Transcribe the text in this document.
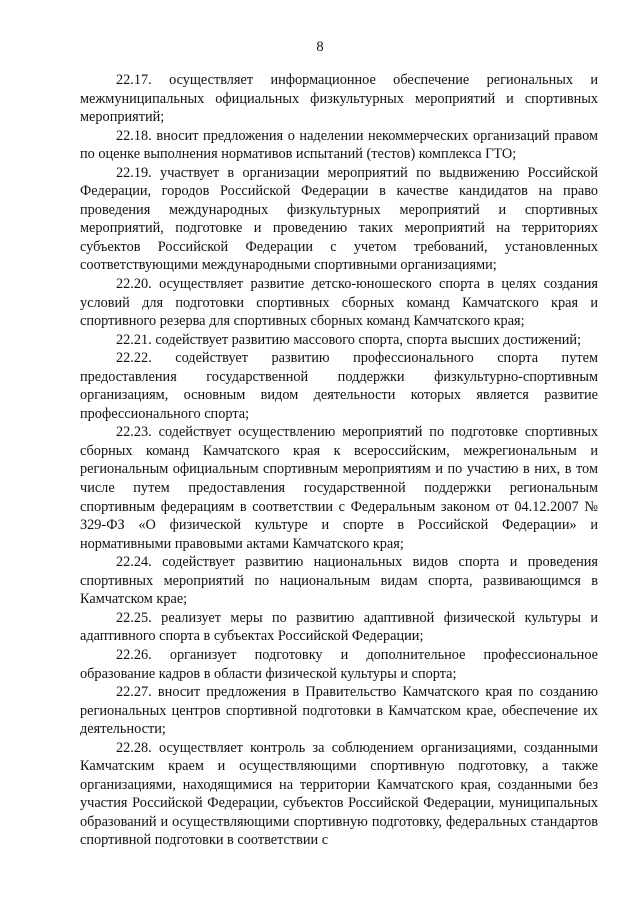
8

22.17. осуществляет информационное обеспечение региональных и межмуниципальных официальных физкультурных мероприятий и спортивных мероприятий;

22.18. вносит предложения о наделении некоммерческих организаций правом по оценке выполнения нормативов испытаний (тестов) комплекса ГТО;

22.19. участвует в организации мероприятий по выдвижению Российской Федерации, городов Российской Федерации в качестве кандидатов на право проведения международных физкультурных мероприятий и спортивных мероприятий, подготовке и проведению таких мероприятий на территориях субъектов Российской Федерации с учетом требований, установленных соответствующими международными спортивными организациями;

22.20. осуществляет развитие детско-юношеского спорта в целях создания условий для подготовки спортивных сборных команд Камчатского края и спортивного резерва для спортивных сборных команд Камчатского края;

22.21. содействует развитию массового спорта, спорта высших достижений;

22.22. содействует развитию профессионального спорта путем предоставления государственной поддержки физкультурно-спортивным организациям, основным видом деятельности которых является развитие профессионального спорта;

22.23. содействует осуществлению мероприятий по подготовке спортивных сборных команд Камчатского края к всероссийским, межрегиональным и региональным официальным спортивным мероприятиям и по участию в них, в том числе путем предоставления государственной поддержки региональным спортивным федерациям в соответствии с Федеральным законом от 04.12.2007 № 329-ФЗ «О физической культуре и спорте в Российской Федерации» и нормативными правовыми актами Камчатского края;

22.24. содействует развитию национальных видов спорта и проведения спортивных мероприятий по национальным видам спорта, развивающимся в Камчатском крае;

22.25. реализует меры по развитию адаптивной физической культуры и адаптивного спорта в субъектах Российской Федерации;

22.26. организует подготовку и дополнительное профессиональное образование кадров в области физической культуры и спорта;

22.27. вносит предложения в Правительство Камчатского края по созданию региональных центров спортивной подготовки в Камчатском крае, обеспечение их деятельности;

22.28. осуществляет контроль за соблюдением организациями, созданными Камчатским краем и осуществляющими спортивную подготовку, а также организациями, находящимися на территории Камчатского края, созданными без участия Российской Федерации, субъектов Российской Федерации, муниципальных образований и осуществляющими спортивную подготовку, федеральных стандартов спортивной подготовки в соответствии с
